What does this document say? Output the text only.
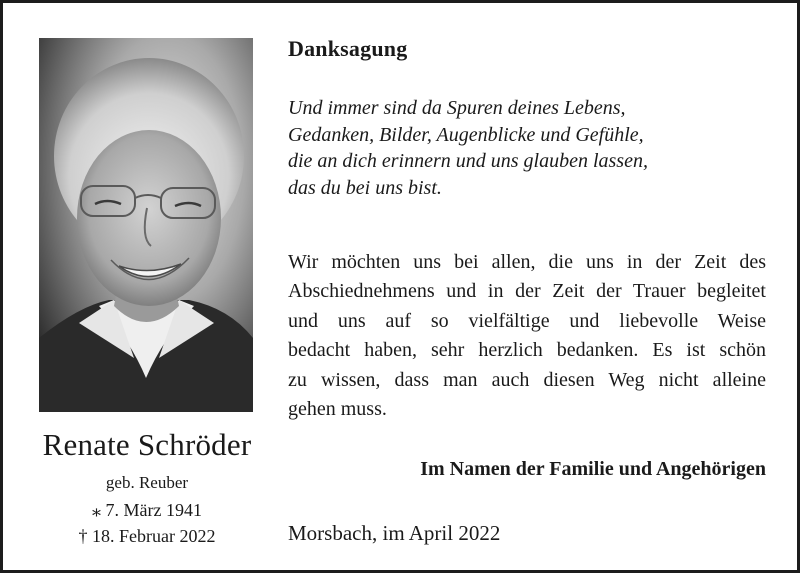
Renate Schröder
geb. Reuber
⁎ 7. März 1941
† 18. Februar 2022
Danksagung
Und immer sind da Spuren deines Lebens,
Gedanken, Bilder, Augenblicke und Gefühle,
die an dich erinnern und uns glauben lassen,
das du bei uns bist.
Wir möchten uns bei allen, die uns in der Zeit des
Abschiednehmens und in der Zeit der Trauer begleitet
und uns auf so vielfältige und liebevolle Weise
bedacht haben, sehr herzlich bedanken. Es ist schön
zu wissen, dass man auch diesen Weg nicht alleine
gehen muss.
Im Namen der Familie und Angehörigen
Morsbach, im April 2022
